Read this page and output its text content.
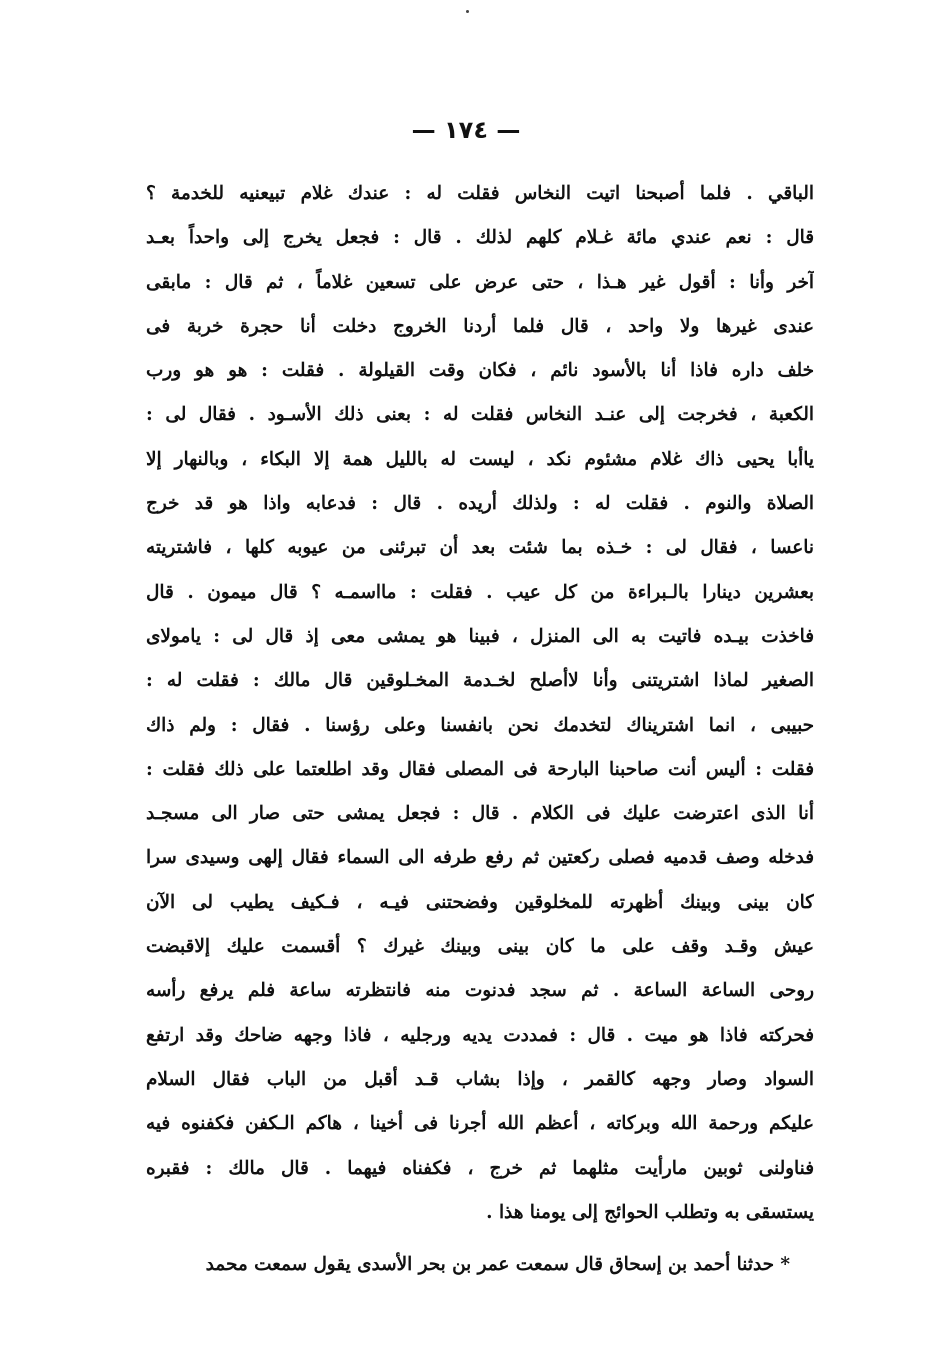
— ١٧٤ —
الباقي . فلما أصبحنا اتيت النخاس فقلت له : عندك غلام تبيعنيه للخدمة ؟
قال : نعم عندي مائة غـلام كلهم لذلك . قال : فجعل يخرج إلى واحداً بعـد
آخر وأنا : أقول غير هـذا ، حتى عرض على تسعين غلاماً ، ثم قال : مابقى
عندى غيرها ولا واحد ، قال فلما أردنا الخروج دخلت أنا حجرة خربة فى
خلف داره فاذا أنا بالأسود نائم ، فكان وقت القيلولة . فقلت : هو هو ورب
الكعبة ، فخرجت إلى عنـد النخاس فقلت له : بعنى ذلك الأسـود . فقال لى :
ياأبا يحيى ذاك غلام مشئوم نكد ، ليست له بالليل همة إلا البكاء ، وبالنهار إلا
الصلاة والنوم . فقلت له : ولذلك أريده . قال : فدعابه واذا هو قد خرج
ناعسا ، فقال لى : خـذه بما شئت بعد أن تبرئنى من عيوبه كلها ، فاشتريته
بعشرين دينارا بالـبراءة من كل عيب . فقلت : مااسمـه ؟ قال ميمون . قال
فاخذت بيـده فاتيت به الى المنزل ، فبينا هو يمشى معى إذ قال لى : يامولاى
الصغير لماذا اشتريتنى وأنا لاأصلح لخـدمة المخـلوقين قال مالك : فقلت له :
حبيبى ، انما اشتريناك لتخدمك نحن بانفسنا وعلى رؤسنا . فقال : ولم ذاك
فقلت : أليس أنت صاحبنا البارحة فى المصلى فقال وقد اطلعتما على ذلك فقلت :
أنا الذى اعترضت عليك فى الكلام . قال : فجعل يمشى حتى صار الى مسجـد
فدخله وصف قدميه فصلى ركعتين ثم رفع طرفه الى السماء فقال إلهى وسيدى سرا
كان بينى وبينك أظهرته للمخلوقين وفضحتنى فيـه ، فـكيف يطيب لى الآن
عيش وقـد وقف على ما كان بينى وبينك غيرك ؟ أقسمت عليك إلاقبضت
روحى الساعة الساعة . ثم سجد فدنوت منه فانتظرته ساعة فلم يرفع رأسه
فحركته فاذا هو ميت . قال : فمددت يديه ورجليه ، فاذا وجهه ضاحك وقد ارتفع
السواد وصار وجهه كالقمر ، وإذا بشاب قـد أقبل من الباب فقال السلام
عليكم ورحمة الله وبركاته ، أعظم الله أجرنا فى أخينا ، هاكم الـكفن فكفنوه فيه
فناولنى ثوبين مارأيت مثلهما ثم خرج ، فكفناه فيهما . قال مالك : فقبره
يستسقى به وتطلب الحوائج إلى يومنا هذا .
* حدثنا أحمد بن إسحاق قال سمعت عمر بن بحر الأسدى يقول سمعت محمد
